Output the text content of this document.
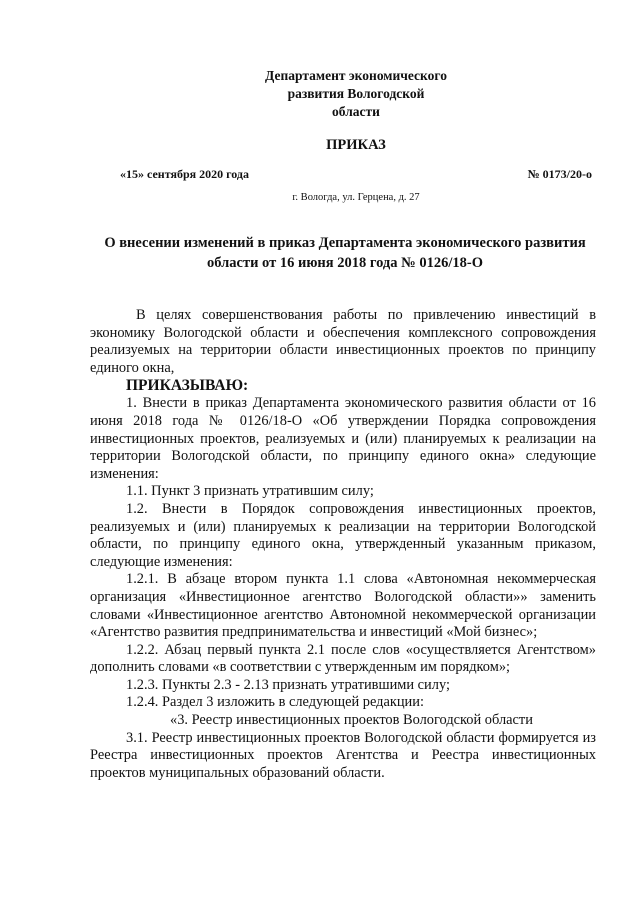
Департамент экономического
развития Вологодской
области
ПРИКАЗ
«15» сентября 2020 года	№ 0173/20-о
г. Вологда, ул. Герцена, д. 27
О внесении изменений в приказ Департамента экономического развития области от 16 июня 2018 года № 0126/18-О

В целях совершенствования работы по привлечению инвестиций в экономику Вологодской области и обеспечения комплексного сопровождения реализуемых на территории области инвестиционных проектов по принципу единого окна,

ПРИКАЗЫВАЮ:

1. Внести в приказ Департамента экономического развития области от 16 июня 2018 года № 0126/18-О «Об утверждении Порядка сопровождения инвестиционных проектов, реализуемых и (или) планируемых к реализации на территории Вологодской области, по принципу единого окна» следующие изменения:

1.1. Пункт 3 признать утратившим силу;

1.2. Внести в Порядок сопровождения инвестиционных проектов, реализуемых и (или) планируемых к реализации на территории Вологодской области, по принципу единого окна, утвержденный указанным приказом, следующие изменения:

1.2.1. В абзаце втором пункта 1.1 слова «Автономная некоммерческая организация «Инвестиционное агентство Вологодской области»» заменить словами «Инвестиционное агентство Автономной некоммерческой организации «Агентство развития предпринимательства и инвестиций «Мой бизнес»;

1.2.2. Абзац первый пункта 2.1 после слов «осуществляется Агентством» дополнить словами «в соответствии с утвержденным им порядком»;

1.2.3. Пункты 2.3 - 2.13 признать утратившими силу;

1.2.4. Раздел 3 изложить в следующей редакции:

«3. Реестр инвестиционных проектов Вологодской области

3.1. Реестр инвестиционных проектов Вологодской области формируется из Реестра инвестиционных проектов Агентства и Реестра инвестиционных проектов муниципальных образований области.
